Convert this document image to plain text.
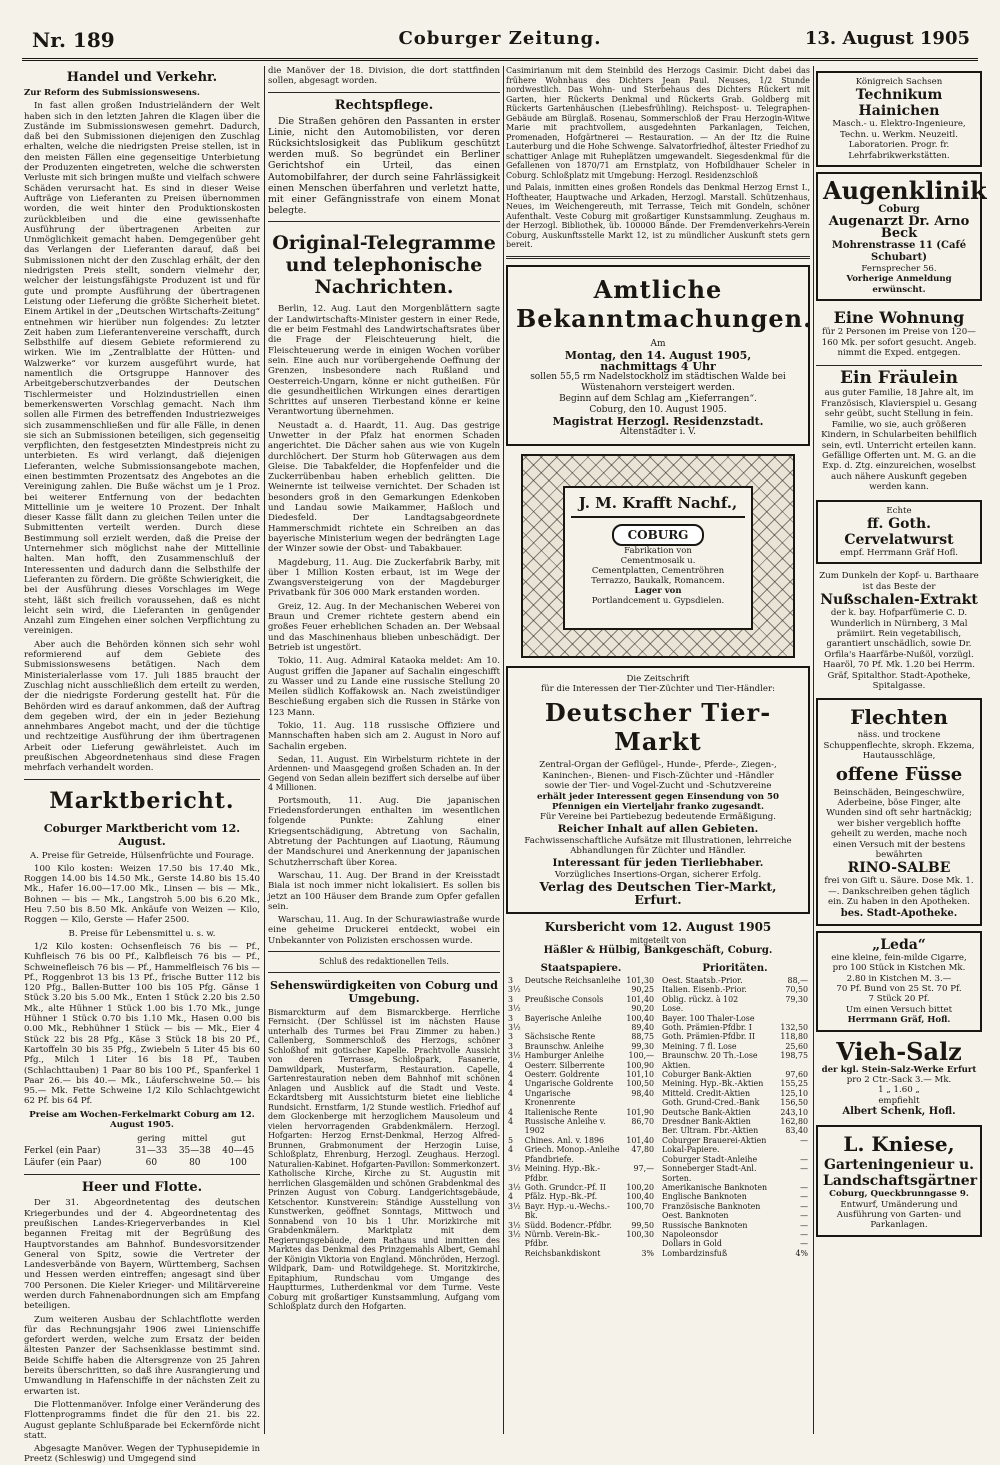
Nr. 189	Coburger Zeitung.	13. August 1905
Handel und Verkehr.

Zur Reform des Submissionswesens.

In fast allen großen Industrieländern der Welt haben sich in den letzten Jahren die Klagen über die Zustände im Submissionswesen gemehrt. Dadurch, daß bei den Submissionen diejenigen den Zuschlag erhalten, welche die niedrigsten Preise stellen, ist in den meisten Fällen eine gegenseitige Unterbietung der Produzenten eingetreten, welche die schwersten Verluste mit sich bringen mußte und vielfach schwere Schäden verursacht hat. Es sind in dieser Weise Aufträge von Lieferanten zu Preisen übernommen worden, die weit hinter den Produktionskosten zurückbleiben und die eine gewissenhafte Ausführung der übertragenen Arbeiten zur Unmöglichkeit gemacht haben. Demgegenüber geht das Verlangen der Lieferanten darauf, daß bei Submissionen nicht der den Zuschlag erhält, der den niedrigsten Preis stellt, sondern vielmehr der, welcher der leistungsfähigste Produzent ist und für gute und prompte Ausführung der übertragenen Leistung oder Lieferung die größte Sicherheit bietet. Einem Artikel in der „Deutschen Wirtschafts-Zeitung“ entnehmen wir hierüber nun folgendes: Zu letzter Zeit haben zum Lieferantenvereine verschafft, durch Selbsthilfe auf diesem Gebiete reformierend zu wirken. Wie im „Zentralblatte der Hütten- und Walzwerke“ vor kurzem ausgeführt wurde, hat namentlich die Ortsgruppe Hannover des Arbeitgeberschutzverbandes der Deutschen Tischlermeister und Holzindustriellen einen bemerkenswerten Vorschlag gemacht. Nach ihm sollen alle Firmen des betreffenden Industriezweiges sich zusammenschließen und für alle Fälle, in denen sie sich an Submissionen beteiligen, sich gegenseitig verpflichten, den festgesetzten Mindestpreis nicht zu unterbieten. Es wird verlangt, daß diejenigen Lieferanten, welche Submissionsangebote machen, einen bestimmten Prozentsatz des Angebotes an die Vereinigung zahlen. Die Buße wächst um je 1 Proz. bei weiterer Entfernung von der bedachten Mittellinie um je weitere 10 Prozent. Der Inhalt dieser Kasse fällt dann zu gleichen Teilen unter die Submittenten verteilt werden. Durch diese Bestimmung soll erzielt werden, daß die Preise der Unternehmer sich möglichst nahe der Mittellinie halten. Man hofft, den Zusammenschluß der Interessenten und dadurch dann die Selbsthilfe der Lieferanten zu fördern. Die größte Schwierigkeit, die bei der Ausführung dieses Vorschlages im Wege steht, läßt sich freilich voraussehen, daß es nicht leicht sein wird, die Lieferanten in genügender Anzahl zum Eingehen einer solchen Verpflichtung zu vereinigen.

Aber auch die Behörden können sich sehr wohl reformierend auf dem Gebiete des Submissionswesens betätigen. Nach dem Ministerialerlasse vom 17. Juli 1885 braucht der Zuschlag nicht ausschließlich dem erteilt zu werden, der die niedrigste Forderung gestellt hat. Für die Behörden wird es darauf ankommen, daß der Auftrag dem gegeben wird, der ein in jeder Beziehung annehmbares Angebot macht, und der die tüchtige und rechtzeitige Ausführung der ihm übertragenen Arbeit oder Lieferung gewährleistet. Auch im preußischen Abgeordnetenhaus sind diese Fragen mehrfach verhandelt worden.

Marktbericht.
Coburger Marktbericht vom 12. August.

A. Preise für Getreide, Hülsenfrüchte und Fourage.

100 Kilo kosten: Weizen 17.50 bis 17.40 Mk., Roggen 14.00 bis 14.50 Mk., Gerste 14.80 bis 15.40 Mk., Hafer 16.00—17.00 Mk., Linsen — bis — Mk., Bohnen — bis — Mk., Langstroh 5.00 bis 6.20 Mk., Heu 7.50 bis 8.50 Mk. Ankäufe von Weizen — Kilo, Roggen — Kilo, Gerste — Hafer 2500.

B. Preise für Lebensmittel u. s. w.

1/2 Kilo kosten: Ochsenfleisch 76 bis — Pf., Kuhfleisch 76 bis 00 Pf., Kalbfleisch 76 bis — Pf., Schweinefleisch 76 bis — Pf., Hammelfleisch 76 bis — Pf., Roggenbrot 13 bis 13 Pf., frische Butter 112 bis 120 Pfg., Ballen-Butter 100 bis 105 Pfg. Gänse 1 Stück 3.20 bis 5.00 Mk., Enten 1 Stück 2.20 bis 2.50 Mk., alte Hühner 1 Stück 1.00 bis 1.70 Mk., junge Hühner 1 Stück 0.70 bis 1.10 Mk., Hasen 0.00 bis 0.00 Mk., Rebhühner 1 Stück — bis — Mk., Eier 4 Stück 22 bis 28 Pfg., Käse 3 Stück 18 bis 20 Pf., Kartoffeln 30 bis 35 Pfg., Zwiebeln 5 Liter 45 bis 60 Pfg., Milch 1 Liter 16 bis 18 Pf., Tauben (Schlachttauben) 1 Paar 80 bis 100 Pf., Spanferkel 1 Paar 26.— bis 40.— Mk., Läuferschweine 50.— bis 95.— Mk. Fette Schweine 1/2 Kilo Schlachtgewicht 62 Pf. bis 64 Pf.

Preise am Wochen-Ferkelmarkt Coburg am 12. August 1905.

	gering	mittel	gut
Ferkel (ein Paar)	31—33	35—38	40—45
Läufer (ein Paar)	60	80	100
Heer und Flotte.

Der 31. Abgeordnetentag des deutschen Kriegerbundes und der 4. Abgeordnetentag des preußischen Landes-Kriegerverbandes in Kiel begannen Freitag mit der Begrüßung des Hauptvorstandes am Bahnhof. Bundesvorsitzender General von Spitz, sowie die Vertreter der Landesverbände von Bayern, Württemberg, Sachsen und Hessen werden eintreffen; angesagt sind über 700 Personen. Die Kieler Krieger- und Militärvereine werden durch Fahnenabordnungen sich am Empfang beteiligen.

Zum weiteren Ausbau der Schlachtflotte werden für das Rechnungsjahr 1906 zwei Linienschiffe gefordert werden, welche zum Ersatz der beiden ältesten Panzer der Sachsenklasse bestimmt sind. Beide Schiffe haben die Altersgrenze von 25 Jahren bereits überschritten, so daß ihre Ausrangierung und Umwandlung in Hafenschiffe in der nächsten Zeit zu erwarten ist.

Die Flottenmanöver. Infolge einer Veränderung des Flottenprogramms findet die für den 21. bis 22. August geplante Schlußparade bei Eckernförde nicht statt.

Abgesagte Manöver. Wegen der Typhusepidemie in Preetz (Schleswig) und Umgegend sind

die Manöver der 18. Division, die dort stattfinden sollen, abgesagt worden.

Rechtspflege.

Die Straßen gehören den Passanten in erster Linie, nicht den Automobilisten, vor deren Rücksichtslosigkeit das Publikum geschützt werden muß. So begründet ein Berliner Gerichtshof ein Urteil, das einen Automobilfahrer, der durch seine Fahrlässigkeit einen Menschen überfahren und verletzt hatte, mit einer Gefängnisstrafe von einem Monat belegte.

Original-Telegramme und telephonische Nachrichten.

Berlin, 12. Aug. Laut den Morgenblättern sagte der Landwirtschafts-Minister gestern in einer Rede, die er beim Festmahl des Landwirtschaftsrates über die Frage der Fleischteuerung hielt, die Fleischteuerung werde in einigen Wochen vorüber sein. Eine auch nur vorübergehende Oeffnung der Grenzen, insbesondere nach Rußland und Oesterreich-Ungarn, könne er nicht gutheißen. Für die gesundheitlichen Wirkungen eines derartigen Schrittes auf unseren Tierbestand könne er keine Verantwortung übernehmen.

Neustadt a. d. Haardt, 11. Aug. Das gestrige Unwetter in der Pfalz hat enormen Schaden angerichtet. Die Dächer sahen aus wie von Kugeln durchlöchert. Der Sturm hob Güterwagen aus dem Gleise. Die Tabakfelder, die Hopfenfelder und die Zuckerrübenbau haben erheblich gelitten. Die Weinernte ist teilweise vernichtet. Der Schaden ist besonders groß in den Gemarkungen Edenkoben und Landau sowie Maikammer, Haßloch und Diedesfeld. Der Landtagsabgeordnete Hammerschmidt richtete ein Schreiben an das bayerische Ministerium wegen der bedrängten Lage der Winzer sowie der Obst- und Tabakbauer.

Magdeburg, 11. Aug. Die Zuckerfabrik Barby, mit über 1 Million Kosten erbaut, ist im Wege der Zwangsversteigerung von der Magdeburger Privatbank für 306 000 Mark erstanden worden.

Greiz, 12. Aug. In der Mechanischen Weberei von Braun und Cremer richtete gestern abend ein großes Feuer erheblichen Schaden an. Der Websaal und das Maschinenhaus blieben unbeschädigt. Der Betrieb ist ungestört.

Tokio, 11. Aug. Admiral Kataoka meldet: Am 10. August griffen die Japaner auf Sachalin eingeschifft zu Wasser und zu Lande eine russische Stellung 20 Meilen südlich Koffakowsk an. Nach zweistündiger Beschießung ergaben sich die Russen in Stärke von 123 Mann.

Tokio, 11. Aug. 118 russische Offiziere und Mannschaften haben sich am 2. August in Noro auf Sachalin ergeben.

Sedan, 11. August. Ein Wirbelsturm richtete in der Ardennen- und Maasgegend großen Schaden an. In der Gegend von Sedan allein beziffert sich derselbe auf über 4 Millionen.

Portsmouth, 11. Aug. Die japanischen Friedensforderungen enthalten im wesentlichen folgende Punkte: Zahlung einer Kriegsentschädigung, Abtretung von Sachalin, Abtretung der Pachtungen auf Liaotung, Räumung der Mandschurei und Anerkennung der japanischen Schutzherrschaft über Korea.

Warschau, 11. Aug. Der Brand in der Kreisstadt Biala ist noch immer nicht lokalisiert. Es sollen bis jetzt an 100 Häuser dem Brande zum Opfer gefallen sein.

Warschau, 11. Aug. In der Schurawiastraße wurde eine geheime Druckerei entdeckt, wobei ein Unbekannter von Polizisten erschossen wurde.

Schluß des redaktionellen Teils.

Sehenswürdigkeiten von Coburg und Umgebung.

Bismarckturm auf dem Bismarckberge. Herrliche Fernsicht. (Der Schlüssel ist im nächsten Hause unterhalb des Turmes bei Frau Zimmer zu haben.) Callenberg, Sommerschloß des Herzogs, schöner Schloßhof mit gotischer Kapelle. Prachtvolle Aussicht von deren Terrasse, Schloßpark, Fasanerie, Damwildpark, Musterfarm, Restauration. Capelle, Gartenrestauration neben dem Bahnhof mit schönen Anlagen und Ausblick auf die Stadt und Veste. Eckardtsberg mit Aussichtsturm bietet eine liebliche Rundsicht. Ernstfarm, 1/2 Stunde westlich. Friedhof auf dem Glockenberge mit herzoglichem Mausoleum und vielen hervorragenden Grabdenkmälern. Herzogl. Hofgarten: Herzog Ernst-Denkmal, Herzog Alfred-Brunnen, Grabmonument der Herzogin Luise, Schloßplatz, Ehrenburg, Herzogl. Zeughaus. Herzogl. Naturalien-Kabinet. Hofgarten-Pavillon: Sommerkonzert. Katholische Kirche, Kirche zu St. Augustin mit herrlichen Glasgemälden und schönen Grabdenkmal des Prinzen August von Coburg. Landgerichtsgebäude, Ketschentor. Kunstverein: Ständige Ausstellung von Kunstwerken, geöffnet Sonntags, Mittwoch und Sonnabend von 10 bis 1 Uhr. Morizkirche mit Grabdenkmälern. Marktplatz mit dem Regierungsgebäude, dem Rathaus und inmitten des Marktes das Denkmal des Prinzgemahls Albert, Gemahl der Königin Viktoria von England. Mönchröden, Herzogl. Wildpark, Dam- und Rotwildgehege. St. Moritzkirche, Epitaphium, Rundschau vom Umgange des Hauptturmes, Lutherdenkmal vor dem Turme. Veste Coburg mit großartiger Kunstsammlung, Aufgang vom Schloßplatz durch den Hofgarten.

Casimirianum mit dem Steinbild des Herzogs Casimir. Dicht dabei das frühere Wohnhaus des Dichters Jean Paul. Neuses, 1/2 Stunde nordwestlich. Das Wohn- und Sterbehaus des Dichters Rückert mit Garten, hier Rückerts Denkmal und Rückerts Grab. Goldberg mit Rückerts Gartenhäuschen (Liebesfrühling). Reichspost- u. Telegraphen-Gebäude am Bürglaß. Rosenau, Sommerschloß der Frau Herzogin-Witwe Marie mit prachtvollem, ausgedehnten Parkanlagen, Teichen, Promenaden, Hofgärtnerei — Restauration. — An der Itz die Ruine Lauterburg und die Hohe Schwenge. Salvatorfriedhof, ältester Friedhof zu schattiger Anlage mit Ruheplätzen umgewandelt. Siegesdenkmal für die Gefallenen von 1870/71 am Ernstplatz, von Hofbildhauer Scheler in Coburg. Schloßplatz mit Umgebung: Herzogl. Residenzschloß

und Palais, inmitten eines großen Rondels das Denkmal Herzog Ernst I., Hoftheater, Hauptwache und Arkaden, Herzogl. Marstall. Schützenhaus, Neues, im Weichengereuth, mit Terrasse, Teich mit Gondeln, schöner Aufenthalt. Veste Coburg mit großartiger Kunstsammlung. Zeughaus m. der Herzogl. Bibliothek, üb. 100000 Bände. Der Fremdenverkehrs-Verein Coburg, Auskunftsstelle Markt 12, ist zu mündlicher Auskunft stets gern bereit.

Amtliche Bekanntmachungen.
Am
Montag, den 14. August 1905,
nachmittags 4 Uhr
sollen 55,5 rm Nadelstockholz im städtischen Walde bei Wüstenahorn versteigert werden.
Beginn auf dem Schlag am „Kieferrangen“.
Coburg, den 10. August 1905.
Magistrat Herzogl. Residenzstadt.
Altenstädter i. V.
J. M. Krafft Nachf.,
COBURG
Fabrikation von
Cementmosaik u.
Cementplatten, Cementröhren
Terrazzo, Baukalk, Romancem.
Lager von
Portlandcement u. Gypsdielen.
Die Zeitschrift
für die Interessen der Tier-Züchter und Tier-Händler:
Deutscher Tier-Markt
Zentral-Organ der Geflügel-, Hunde-, Pferde-, Ziegen-, Kaninchen-, Bienen- und Fisch-Züchter und -Händler
sowie der Tier- und Vogel-Zucht und -Schutzvereine
erhält jeder Interessent gegen Einsendung von 50 Pfennigen ein Vierteljahr franko zugesandt.
Für Vereine bei Partiebezug bedeutende Ermäßigung.
Reicher Inhalt auf allen Gebieten.
Fachwissenschaftliche Aufsätze mit Illustrationen, lehrreiche Abhandlungen für Züchter und Händler.
Interessant für jeden Tierliebhaber.
Vorzügliches Insertions-Organ, sicherer Erfolg.
Verlag des Deutschen Tier-Markt, Erfurt.
Kursbericht vom 12. August 1905
mitgeteilt von
Häßler & Hülbig, Bankgeschäft, Coburg.
Staatspapiere.
3	Deutsche Reichsanleihe	101,30
3½		90,25
3	Preußische Consols	101,40
3½		90,20
3	Bayerische Anleihe	100,40
3½		89,40
3	Sächsische Rente	88,75
3	Braunschw. Anleihe	99,30
3½	Hamburger Anleihe	100,—
4	Oesterr. Silberrente	100,90
4	Oesterr. Goldrente	101,10
4	Ungarische Goldrente	100,50
4	Ungarische Kronenrente	98,40
4	Italienische Rente	101,90
4	Russische Anleihe v. 1902	86,70
5	Chines. Anl. v. 1896	101,40
4	Griech. Monop.-Anleihe	47,80
	Pfandbriefe.	
3½	Meining. Hyp.-Bk.-Pfdbr.	97,—
3½	Goth. Grundcr.-Pf. II	100,20
4	Pfälz. Hyp.-Bk.-Pf.	100,40
3½	Bayr. Hyp.-u.-Wechs.-Bk.	100,70
3½	Südd. Bodencr.-Pfdbr.	99,50
3½	Nürnb. Verein-Bk.-Pfdbr.	100,30
	Reichsbankdiskont	3%
Prioritäten.
Oest. Staatsb.-Prior.	88,—
Italien. Eisenb.-Prior.	70,50
Oblig. rückz. à 102	79,30
Lose.	
Bayer. 100 Thaler-Lose	
Goth. Prämien-Pfdbr. I	132,50
Goth. Prämien-Pfdbr. II	118,80
Meining. 7 fl. Lose	25,60
Braunschw. 20 Th.-Lose	198,75
Aktien.	
Coburger Bank-Aktien	97,60
Meining. Hyp.-Bk.-Aktien	155,25
Mitteld. Credit-Aktien	125,10
Goth. Grund-Cred.-Bank	156,50
Deutsche Bank-Aktien	243,10
Dresdner Bank-Aktien	162,80
Ber. Ultram. Fbr.-Aktien	83,40
Coburger Brauerei-Aktien	—
Lokal-Papiere.	
Coburger Stadt-Anleihe	—
Sonneberger Stadt-Anl.	—
Sorten.	
Amerikanische Banknoten	—
Englische Banknoten	—
Französische Banknoten	—
Oest. Banknoten	—
Russische Banknoten	—
Napoleonsdor	—
Dollars in Gold	—
Lombardzinsfuß	4%
Königreich Sachsen
Technikum Hainichen
Masch.- u. Elektro-Ingenieure, Techn. u. Werkm. Neuzeitl. Laboratorien. Progr. fr.
Lehrfabrikwerkstätten.
Augenklinik
Coburg
Augenarzt Dr. Arno Beck
Mohrenstrasse 11 (Café Schubart)
Fernsprecher 56.
Vorherige Anmeldung erwünscht.
Eine Wohnung
für 2 Personen im Preise von 120—160 Mk. per sofort gesucht. Angeb. nimmt die Exped. entgegen.
Ein Fräulein
aus guter Familie, 18 Jahre alt, im Französisch, Klavierspiel u. Gesang sehr geübt, sucht Stellung in fein. Familie, wo sie, auch größeren Kindern, in Schularbeiten behilflich sein, evtl. Unterricht erteilen kann. Gefällige Offerten unt. M. G. an die Exp. d. Ztg. einzureichen, woselbst auch nähere Auskunft gegeben werden kann.
Echte
ff. Goth. Cervelatwurst
empf. Herrmann Gräf Hofl.
Zum Dunkeln der Kopf- u. Barthaare ist das Beste der
Nußschalen-Extrakt
der k. bay. Hofparfümerie C. D. Wunderlich in Nürnberg, 3 Mal prämiirt. Rein vegetabilisch, garantiert unschädlich, sowie Dr. Orfila's Haarfärbe-Nußöl, vorzügl. Haaröl, 70 Pf. Mk. 1.20 bei Herrm. Gräf, Spitalthor. Stadt-Apotheke, Spitalgasse.
Flechten
näss. und trockene Schuppenflechte, skroph. Ekzema, Hautausschläge,
offene Füsse
Beinschäden, Beingeschwüre, Aderbeine, böse Finger, alte Wunden sind oft sehr hartnäckig; wer bisher vergeblich hoffte geheilt zu werden, mache noch einen Versuch mit der bestens bewährten
RINO-SALBE
frei von Gift u. Säure. Dose Mk. 1.—. Dankschreiben gehen täglich ein. Zu haben in den Apotheken.
bes. Stadt-Apotheke.
„Leda“
eine kleine, fein-milde Cigarre, pro 100 Stück in Kistchen Mk. 2.80 in Kistchen M. 3.—
70 Pf. Bund von 25 St. 70 Pf.
7 Stück 20 Pf.
Um einen Versuch bittet
Herrmann Gräf, Hofl.
Vieh-Salz
der kgl. Stein-Salz-Werke Erfurt
pro 2 Ctr.-Sack 3.— Mk.
1 „ 1.60 „
empfiehlt
Albert Schenk, Hofl.
L. Kniese,
Garteningenieur u. Landschaftsgärtner
Coburg, Queckbrunngasse 9.
Entwurf, Umänderung und Ausführung von Garten- und Parkanlagen.
